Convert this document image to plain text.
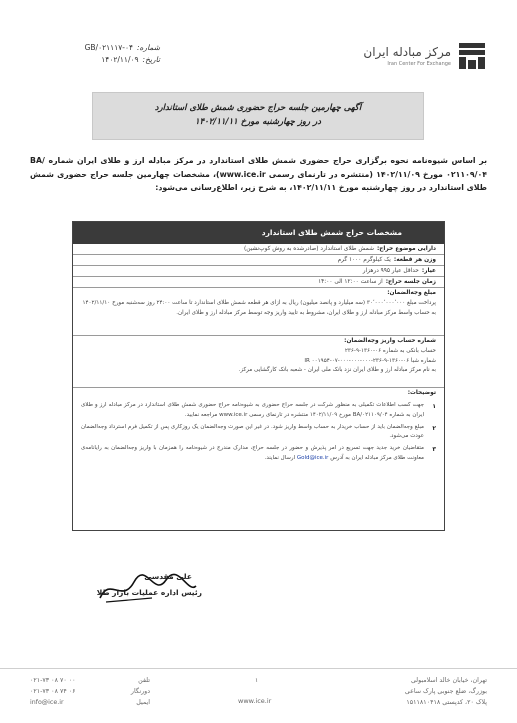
مرکز مبادله ایران
Iran Center For Exchange
شماره:
GB/۰۲۱۱۱۷-۰۴
تاریخ:
۱۴۰۲/۱۱/۰۹
آگهی چهارمین جلسه حراج حضوری شمش طلای استاندارد
در روز چهارشنبه مورخ ۱۴۰۲/۱۱/۱۱

بر اساس شیوه‌نامه نحوه برگزاری حراج حضوری شمش طلای استاندارد در مرکز مبادله ارز و طلای ایران شماره BA/۰۲۱۱۰۹/۰۴ مورخ ۱۴۰۲/۱۱/۰۹ (منتشره در تارنمای رسمی www.ice.ir)، مشخصات چهارمین جلسه حراج حضوری شمش طلای استاندارد در روز چهارشنبه مورخ ۱۴۰۲/۱۱/۱۱، به شرح زیر، اطلاع‌رسانی می‌شود:

مشخصات حراج شمش طلای استاندارد
دارایی موضوع حراج:
شمش طلای استاندارد (صادرشده به روش کوپ‌نشین)
وزن هر قطعه:
یک کیلوگرم ۱۰۰۰ گرم
عیار:
حداقل عیار ۹۹۵ درهزار
زمان جلسه حراج:
از ساعت ۱۲:۰۰ الی ۱۴:۰۰
مبلغ وجه‌الضمان:
پرداخت مبلغ ۳۰٬۰۰۰٬۰۰۰٬۰۰۰ (سه میلیارد و پانصد میلیون) ریال به ازای هر قطعه شمش طلای استاندارد تا ساعت ۲۴:۰۰ روز سه‌شنبه مورخ ۱۴۰۲/۱۱/۱۰ به حساب واسط مرکز مبادله ارز و طلای ایران، مشروط به تایید واریز وجه توسط مرکز مبادله ارز و طلای ایران.
شماره حساب واریز وجه‌الضمان:
حساب بانکی به شماره ۰۶-۱۳۶۰-۹-۲۳۶
شماره شبا ۰۶-۱۳۶۰-۹-۲۳۶-۰۰۰-۰۰۰-۰۰۰-۰۷-۰۰۱۹۵۴ IR
به نام مرکز مبادله ارز و طلای ایران نزد بانک ملی ایران - شعبه بانک کارگشایی مرکز.
توضیحات:
۱
جهت کسب اطلاعات تکمیلی به منظور شرکت در جلسه حراج حضوری به شیوه‌نامه حراج حضوری شمش طلای استاندارد در مرکز مبادله ارز و طلای ایران به شماره BA/۰۲۱۱۰۹/۰۴ مورخ ۱۴۰۲/۱۱/۰۹ منتشره در تارنمای رسمی www.ice.ir مراجعه نمایید.
۲
مبلغ وجه‌الضمان باید از حساب خریدار به حساب واسط واریز شود. در غیر این صورت وجه‌الضمان یک روزکاری پس از تکمیل فرم استرداد وجه‌الضمان عودت می‌شود.
۳
متقاضیان خرید جدید جهت تسریع در امر پذیرش و حضور در جلسه حراج، مدارک مندرج در شیوه‌نامه را همزمان با واریز وجه‌الضمان به رایانامه‌ی معاونت طلای مرکز مبادله ایران به آدرس Gold@ice.ir ارسال نمایند.
علی مقدسی
رئیس اداره عملیات بازار طلا
تهران، خیابان خالد اسلامبولی
بوزرگ، ضلع جنوبی پارک ساعی
پلاک ۲۰، کدپستی ۱۵۱۱۸۱۰۴۱۸
۱
www.ice.ir
تلفن
۰۲۱-۷۳ ۰۸ ۷۰ ۰۰
دورنگار
۰۲۱-۷۳ ۰۸ ۷۴ ۰۶
ایمیل
info@ice.ir
